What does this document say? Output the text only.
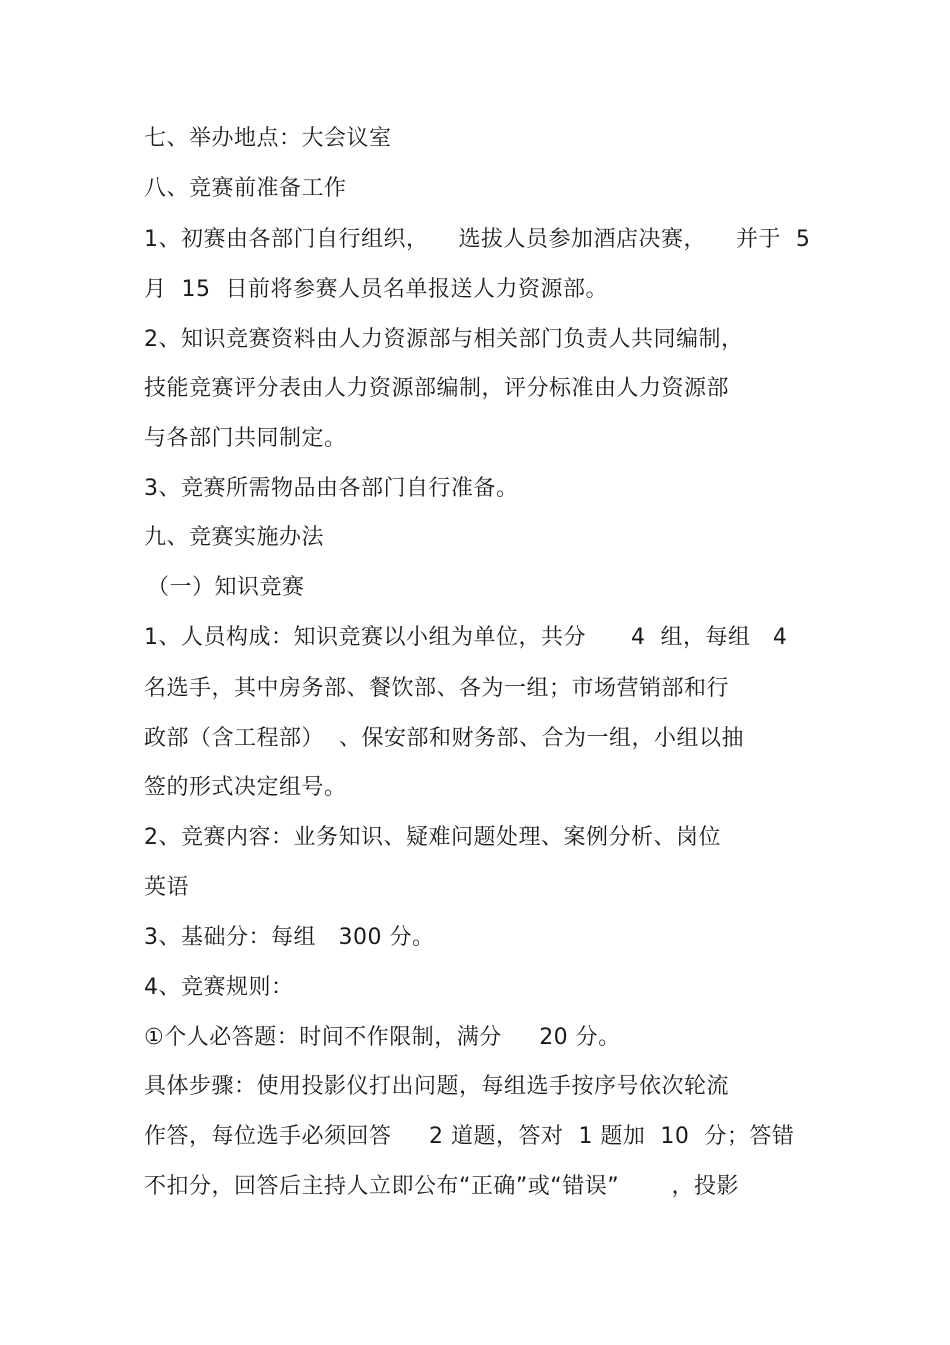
七、举办地点：大会议室
八、竞赛前准备工作
1、初赛由各部门自行组织，    选拔人员参加酒店决赛，    并于  5
月  15  日前将参赛人员名单报送人力资源部。
2、知识竞赛资料由人力资源部与相关部门负责人共同编制，
技能竞赛评分表由人力资源部编制，评分标准由人力资源部
与各部门共同制定。
3、竞赛所需物品由各部门自行准备。
九、竞赛实施办法
（一）知识竞赛
1、人员构成：知识竞赛以小组为单位，共分      4  组，每组   4
名选手，其中房务部、餐饮部、各为一组；市场营销部和行
政部（含工程部）  、保安部和财务部、合为一组，小组以抽
签的形式决定组号。
2、竞赛内容：业务知识、疑难问题处理、案例分析、岗位
英语
3、基础分：每组   300 分。
4、竞赛规则：
①个人必答题：时间不作限制，满分     20 分。
具体步骤：使用投影仪打出问题，每组选手按序号依次轮流
作答，每位选手必须回答     2 道题，答对  1 题加  10  分；答错
不扣分，回答后主持人立即公布“正确”或“错误”       ，投影
